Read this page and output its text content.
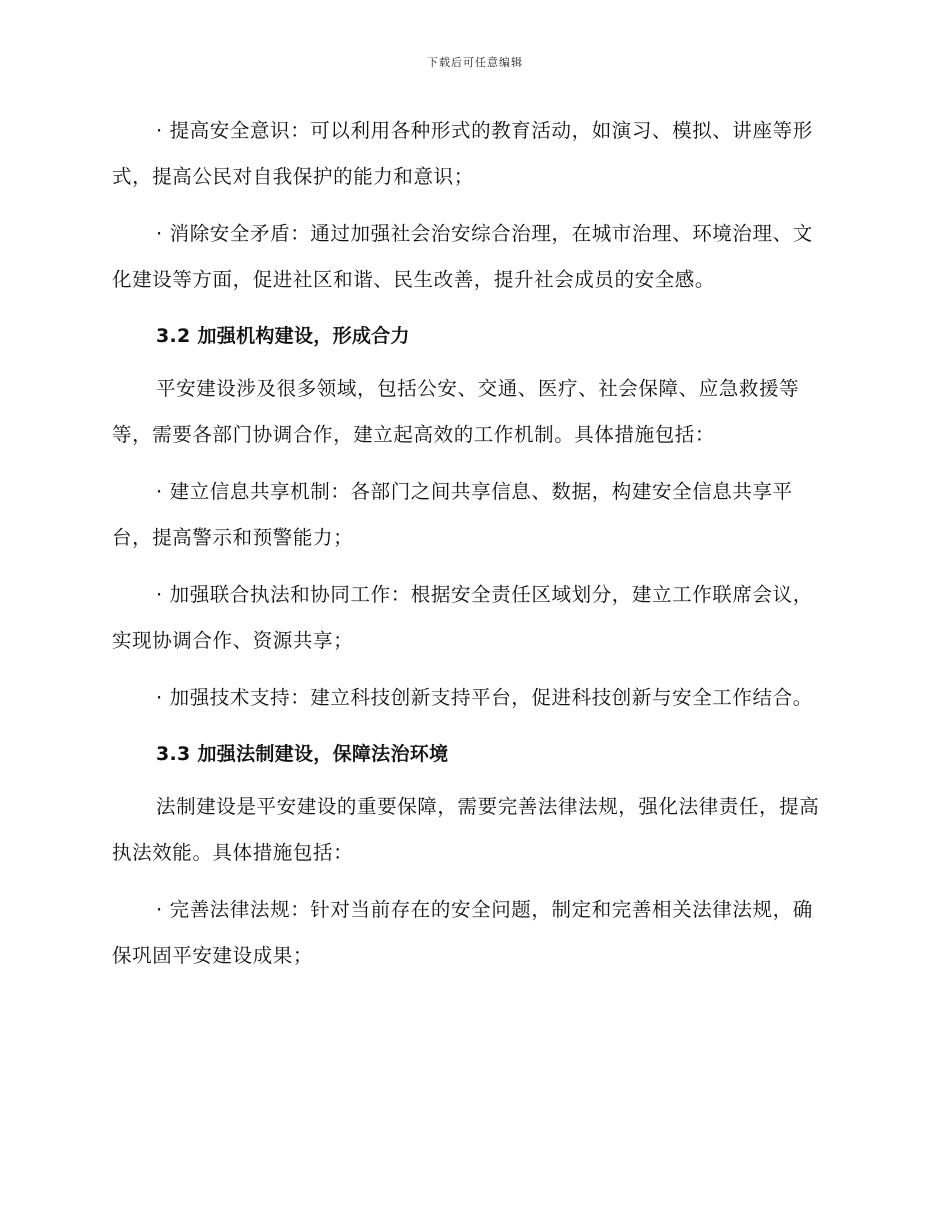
下载后可任意编辑

· 提高安全意识：可以利用各种形式的教育活动，如演习、模拟、讲座等形式，提高公民对自我保护的能力和意识；

· 消除安全矛盾：通过加强社会治安综合治理，在城市治理、环境治理、文化建设等方面，促进社区和谐、民生改善，提升社会成员的安全感。

3.2 加强机构建设，形成合力

平安建设涉及很多领域，包括公安、交通、医疗、社会保障、应急救援等等，需要各部门协调合作，建立起高效的工作机制。具体措施包括：

· 建立信息共享机制：各部门之间共享信息、数据，构建安全信息共享平台，提高警示和预警能力；

· 加强联合执法和协同工作：根据安全责任区域划分，建立工作联席会议，实现协调合作、资源共享；

· 加强技术支持：建立科技创新支持平台，促进科技创新与安全工作结合。

3.3 加强法制建设，保障法治环境

法制建设是平安建设的重要保障，需要完善法律法规，强化法律责任，提高执法效能。具体措施包括：

· 完善法律法规：针对当前存在的安全问题，制定和完善相关法律法规，确保巩固平安建设成果；
